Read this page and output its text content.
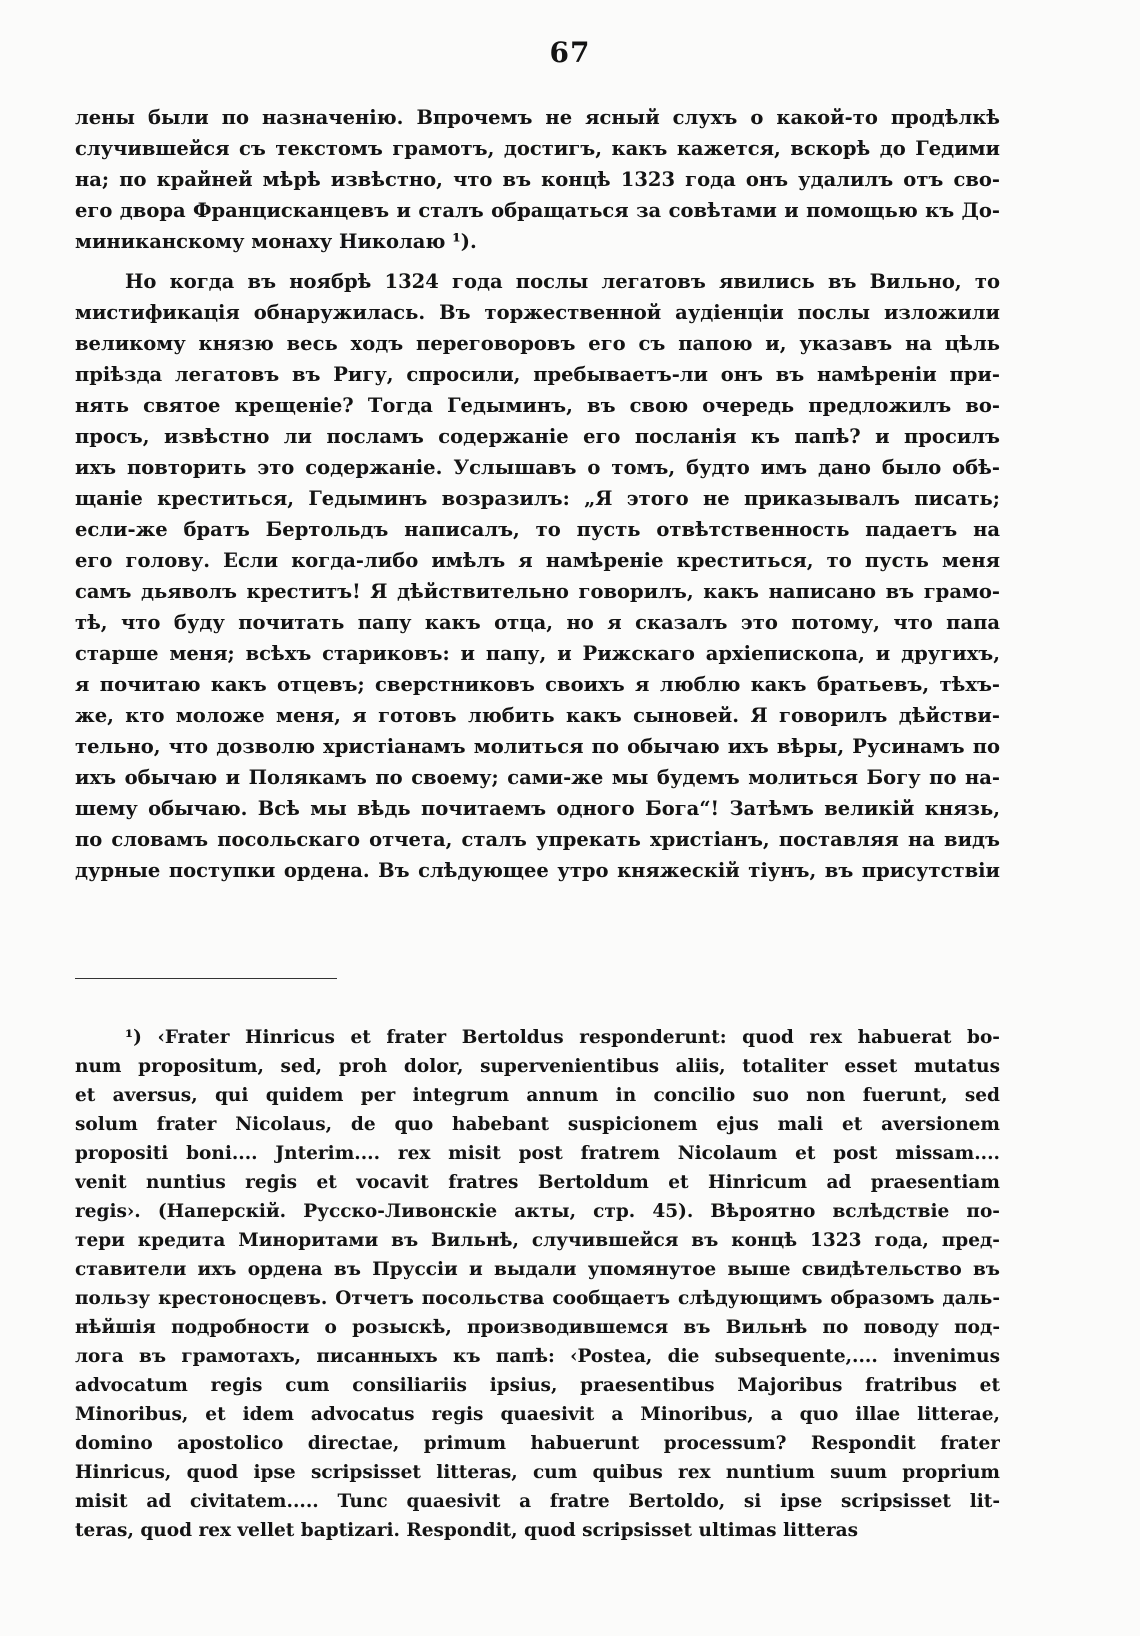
67
лены были по назначенію. Впрочемъ не ясный слухъ о какой-то продѣлкѣ
случившейся съ текстомъ грамотъ, достигъ, какъ кажется, вскорѣ до Гедими
на; по крайней мѣрѣ извѣстно, что въ концѣ 1323 года онъ удалилъ отъ сво-
его двора Францисканцевъ и сталъ обращаться за совѣтами и помощью къ До-
миниканскому монаху Николаю ¹).
Но когда въ ноябрѣ 1324 года послы легатовъ явились въ Вильно, то
мистификація обнаружилась. Въ торжественной аудіенціи послы изложили
великому князю весь ходъ переговоровъ его съ папою и, указавъ на цѣль
пріѣзда легатовъ въ Ригу, спросили, пребываетъ-ли онъ въ намѣреніи при-
нять святое крещеніе? Тогда Гедыминъ, въ свою очередь предложилъ во-
просъ, извѣстно ли посламъ содержаніе его посланія къ папѣ? и просилъ
ихъ повторить это содержаніе. Услышавъ о томъ, будто имъ дано было обѣ-
щаніе креститься, Гедыминъ возразилъ: „Я этого не приказывалъ писать;
если-же братъ Бертольдъ написалъ, то пусть отвѣтственность падаетъ на
его голову. Если когда-либо имѣлъ я намѣреніе креститься, то пусть меня
самъ дьяволъ креститъ! Я дѣйствительно говорилъ, какъ написано въ грамо-
тѣ, что буду почитать папу какъ отца, но я сказалъ это потому, что папа
старше меня; всѣхъ стариковъ: и папу, и Рижскаго архіепископа, и другихъ,
я почитаю какъ отцевъ; сверстниковъ своихъ я люблю какъ братьевъ, тѣхъ-
же, кто моложе меня, я готовъ любить какъ сыновей. Я говорилъ дѣйстви-
тельно, что дозволю христіанамъ молиться по обычаю ихъ вѣры, Русинамъ по
ихъ обычаю и Полякамъ по своему; сами-же мы будемъ молиться Богу по на-
шему обычаю. Всѣ мы вѣдь почитаемъ одного Бога“! Затѣмъ великій князь,
по словамъ посольскаго отчета, сталъ упрекать христіанъ, поставляя на видъ
дурные поступки ордена. Въ слѣдующее утро княжескій тіунъ, въ присутствіи
¹) ‹Frater Hinricus et frater Bertoldus responderunt: quod rex habuerat bo-
num propositum, sed, proh dolor, supervenientibus aliis, totaliter esset mutatus
et aversus, qui quidem per integrum annum in concilio suo non fuerunt, sed
solum frater Nicolaus, de quo habebant suspicionem ejus mali et aversionem
propositi boni.... Jnterim.... rex misit post fratrem Nicolaum et post missam....
venit nuntius regis et vocavit fratres Bertoldum et Hinricum ad praesentiam
regis›. (Наперскій. Русско-Ливонскіе акты, стр. 45). Вѣроятно вслѣдствіе по-
тери кредита Миноритами въ Вильнѣ, случившейся въ концѣ 1323 года, пред-
ставители ихъ ордена въ Пруссіи и выдали упомянутое выше свидѣтельство въ
пользу крестоносцевъ. Отчетъ посольства сообщаетъ слѣдующимъ образомъ даль-
нѣйшія подробности о розыскѣ, производившемся въ Вильнѣ по поводу под-
лога въ грамотахъ, писанныхъ къ папѣ: ‹Postea, die subsequente,.... invenimus
advocatum regis cum consiliariis ipsius, praesentibus Majoribus fratribus et
Minoribus, et idem advocatus regis quaesivit a Minoribus, a quo illae litterae,
domino apostolico directae, primum habuerunt processum? Respondit frater
Hinricus, quod ipse scripsisset litteras, cum quibus rex nuntium suum proprium
misit ad civitatem..... Tunc quaesivit a fratre Bertoldo, si ipse scripsisset lit-
teras, quod rex vellet baptizari. Respondit, quod scripsisset ultimas litteras
